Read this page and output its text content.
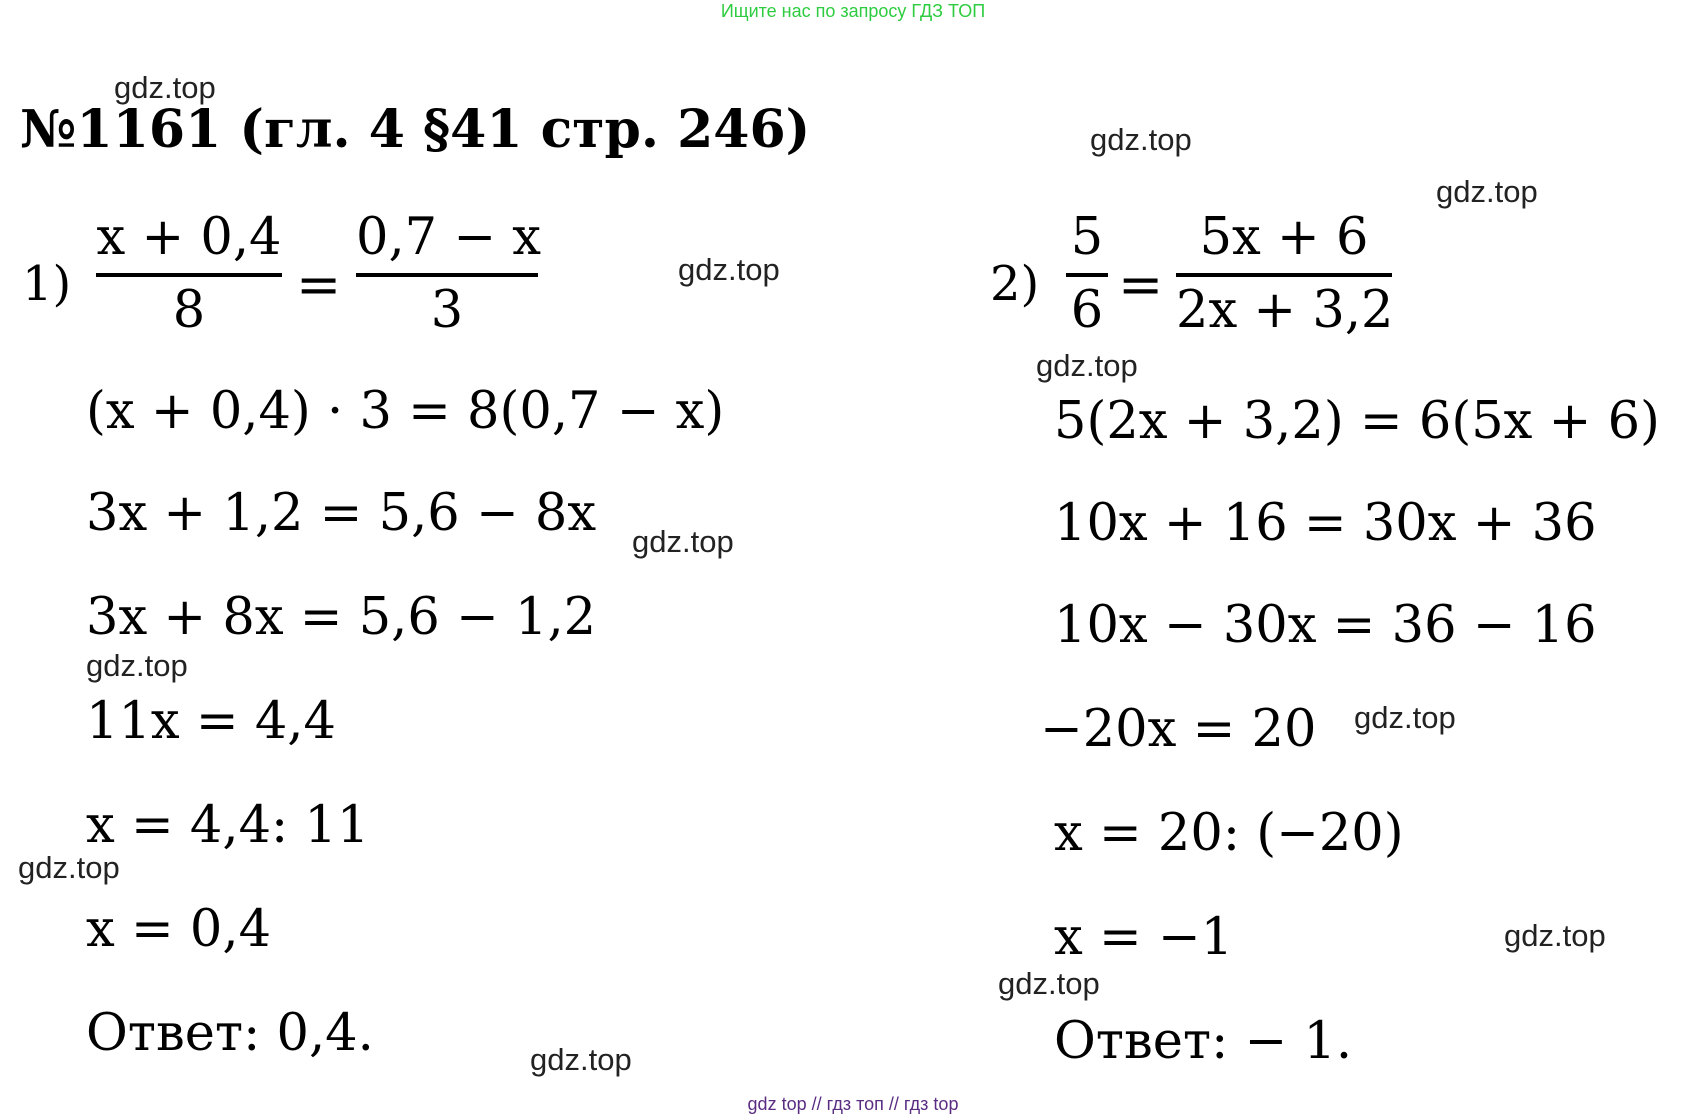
Ищите нас по запросу ГДЗ ТОП
№1161 (гл. 4 §41 стр. 246)
1)
x + 0,4
8	=
0,7 − x
3
(x + 0,4) · 3 = 8(0,7 − x)
3x + 1,2 = 5,6 − 8x
3x + 8x = 5,6 − 1,2
11x = 4,4
x = 4,4: 11
x = 0,4
Ответ: 0,4.
2)
5
6 =
5x + 6
2x + 3,2
5(2x + 3,2) = 6(5x + 6)
10x + 16 = 30x + 36
10x − 30x = 36 − 16
−20x = 20
x = 20: (−20)
x = −1
Ответ: − 1.
gdz.top
gdz.top
gdz.top
gdz.top
gdz.top
gdz.top
gdz.top
gdz.top
gdz.top
gdz.top
gdz.top
gdz.top
gdz top // гдз топ // гдз top
